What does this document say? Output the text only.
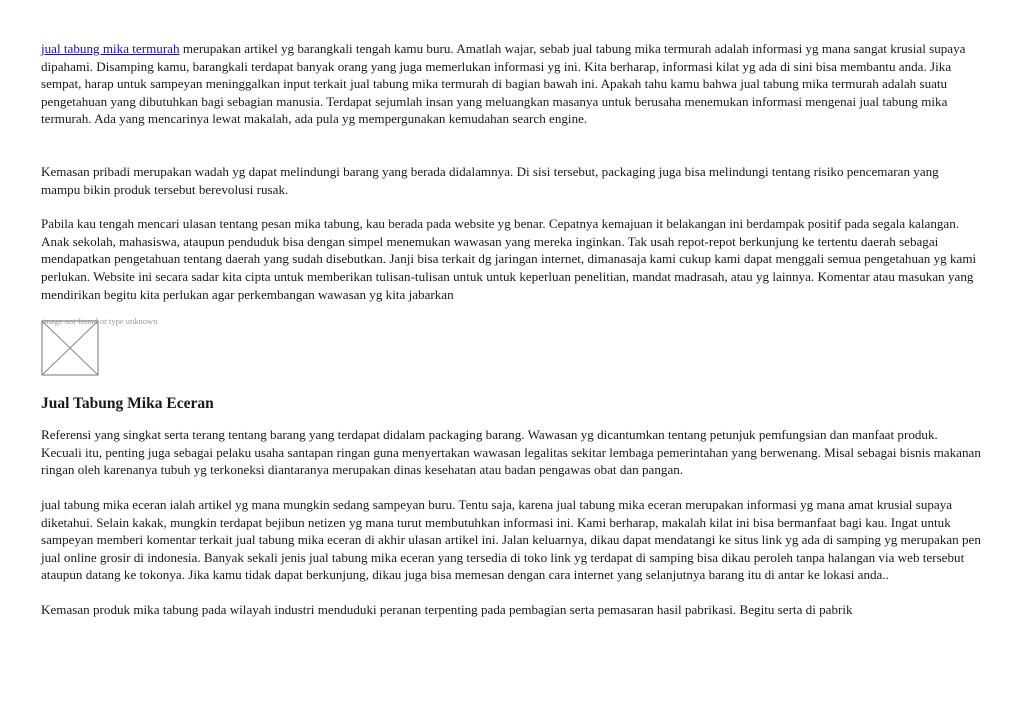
jual tabung mika termurah merupakan artikel yg barangkali tengah kamu buru. Amatlah wajar, sebab jual tabung mika termurah adalah informasi yg mana sangat krusial supaya dipahami. Disamping kamu, barangkali terdapat banyak orang yang juga memerlukan informasi yg ini. Kita berharap, informasi kilat yg ada di sini bisa membantu anda. Jika sempat, harap untuk sampeyan meninggalkan input terkait jual tabung mika termurah di bagian bawah ini. Apakah tahu kamu bahwa jual tabung mika termurah adalah suatu pengetahuan yang dibutuhkan bagi sebagian manusia. Terdapat sejumlah insan yang meluangkan masanya untuk berusaha menemukan informasi mengenai jual tabung mika termurah. Ada yang mencarinya lewat makalah, ada pula yg mempergunakan kemudahan search engine.

Kemasan pribadi merupakan wadah yg dapat melindungi barang yang berada didalamnya. Di sisi tersebut, packaging juga bisa melindungi tentang risiko pencemaran yang mampu bikin produk tersebut berevolusi rusak.

Pabila kau tengah mencari ulasan tentang pesan mika tabung, kau berada pada website yg benar. Cepatnya kemajuan it belakangan ini berdampak positif pada segala kalangan. Anak sekolah, mahasiswa, ataupun penduduk bisa dengan simpel menemukan wawasan yang mereka inginkan. Tak usah repot-repot berkunjung ke tertentu daerah sebagai mendapatkan pengetahuan tentang daerah yang sudah disebutkan. Janji bisa terkait dg jaringan internet, dimanasaja kami cukup kami dapat menggali semua pengetahuan yg kami perlukan. Website ini secara sadar kita cipta untuk memberikan tulisan-tulisan untuk untuk keperluan penelitian, mandat madrasah, atau yg lainnya. Komentar atau masukan yang mendirikan begitu kita perlukan agar perkembangan wawasan yg kita jabarkan

image not found or type unknown
Jual Tabung Mika Eceran

Referensi yang singkat serta terang tentang barang yang terdapat didalam packaging barang. Wawasan yg dicantumkan tentang petunjuk pemfungsian dan manfaat produk. Kecuali itu, penting juga sebagai pelaku usaha santapan ringan guna menyertakan wawasan legalitas sekitar lembaga pemerintahan yang berwenang. Misal sebagai bisnis makanan ringan oleh karenanya tubuh yg terkoneksi diantaranya merupakan dinas kesehatan atau badan pengawas obat dan pangan.

jual tabung mika eceran ialah artikel yg mana mungkin sedang sampeyan buru. Tentu saja, karena jual tabung mika eceran merupakan informasi yg mana amat krusial supaya diketahui. Selain kakak, mungkin terdapat bejibun netizen yg mana turut membutuhkan informasi ini. Kami berharap, makalah kilat ini bisa bermanfaat bagi kau. Ingat untuk sampeyan memberi komentar terkait jual tabung mika eceran di akhir ulasan artikel ini. Jalan keluarnya, dikau dapat mendatangi ke situs link yg ada di samping yg merupakan pen jual online grosir di indonesia. Banyak sekali jenis jual tabung mika eceran yang tersedia di toko link yg terdapat di samping bisa dikau peroleh tanpa halangan via web tersebut ataupun datang ke tokonya. Jika kamu tidak dapat berkunjung, dikau juga bisa memesan dengan cara internet yang selanjutnya barang itu di antar ke lokasi anda..

Kemasan produk mika tabung pada wilayah industri menduduki peranan terpenting pada pembagian serta pemasaran hasil pabrikasi. Begitu serta di pabrik
